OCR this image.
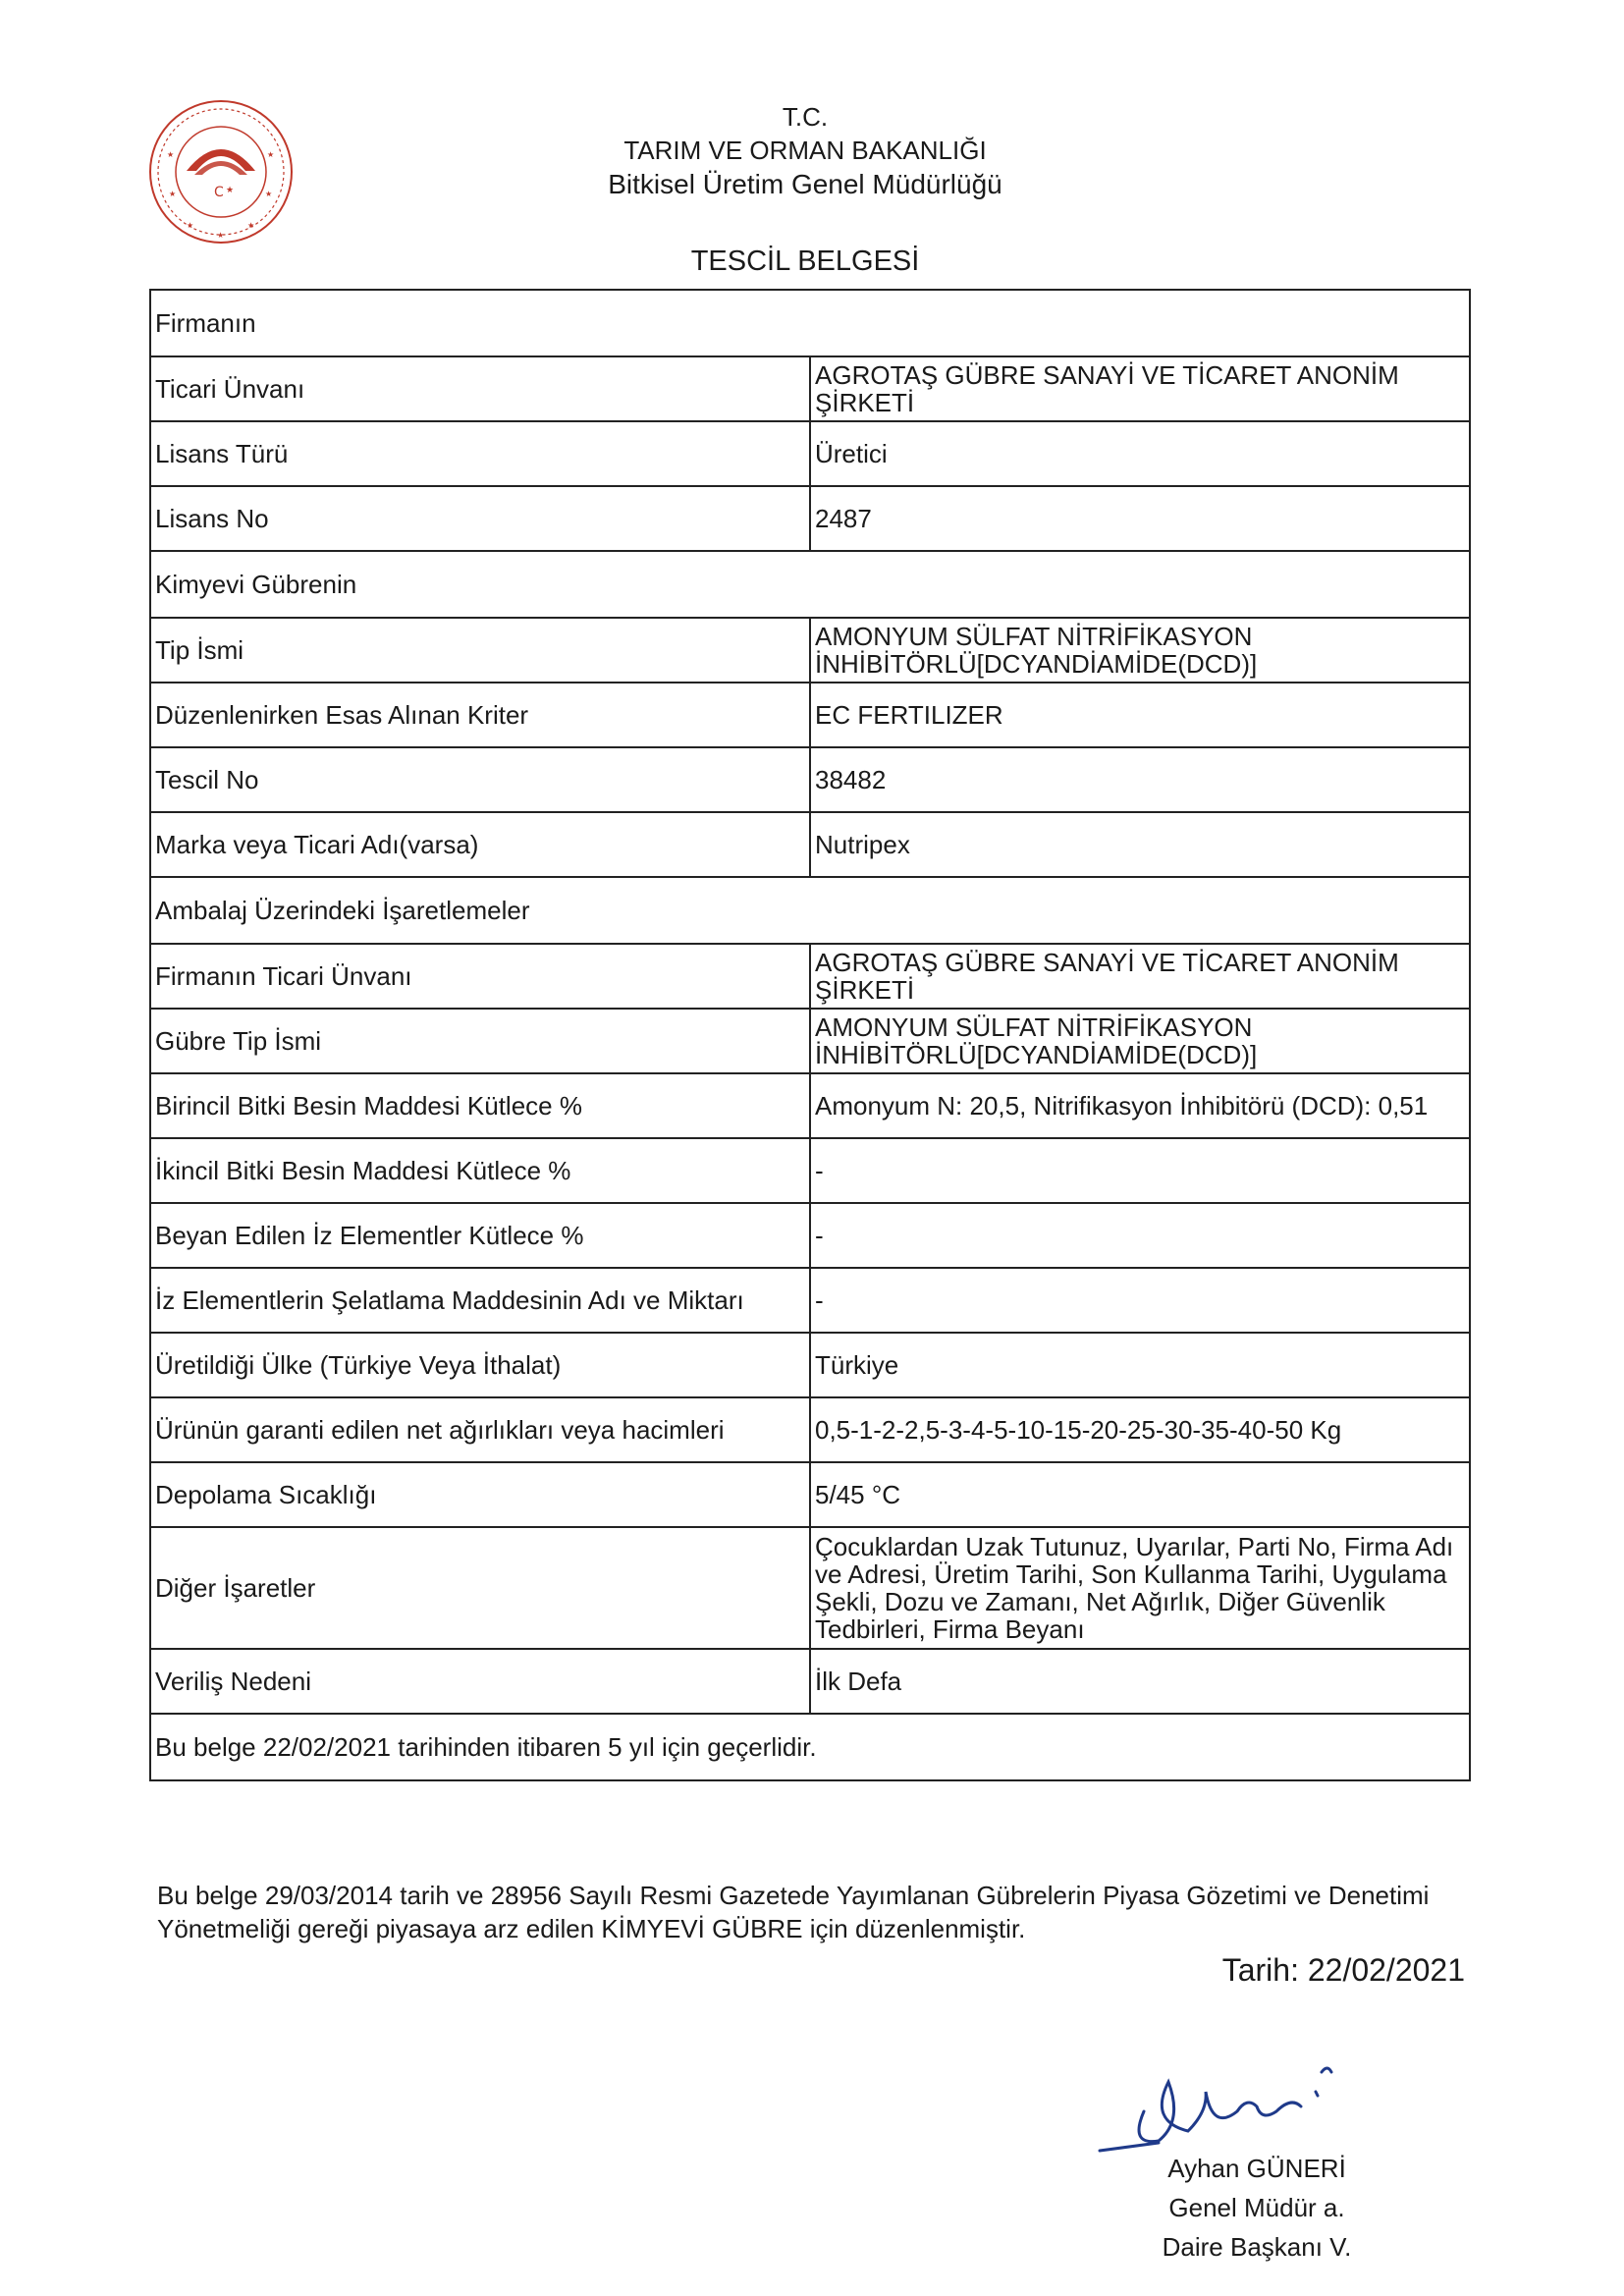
C ★
★	★
★	★
★	★
★
T.C.
TARIM VE ORMAN BAKANLIĞI
Bitkisel Üretim Genel Müdürlüğü
TESCİL BELGESİ
Firmanın	
Ticari Ünvanı	AGROTAŞ GÜBRE SANAYİ VE TİCARET ANONİM ŞİRKETİ
Lisans Türü	Üretici
Lisans No	2487
Kimyevi Gübrenin	
Tip İsmi	AMONYUM SÜLFAT NİTRİFİKASYON İNHİBİTÖRLÜ[DCYANDİAMİDE(DCD)]
Düzenlenirken Esas Alınan Kriter	EC FERTILIZER
Tescil No	38482
Marka veya Ticari Adı(varsa)	Nutripex
Ambalaj Üzerindeki İşaretlemeler	
Firmanın Ticari Ünvanı	AGROTAŞ GÜBRE SANAYİ VE TİCARET ANONİM ŞİRKETİ
Gübre Tip İsmi	AMONYUM SÜLFAT NİTRİFİKASYON İNHİBİTÖRLÜ[DCYANDİAMİDE(DCD)]
Birincil Bitki Besin Maddesi Kütlece %	Amonyum N: 20,5, Nitrifikasyon İnhibitörü (DCD): 0,51
İkincil Bitki Besin Maddesi Kütlece %	-
Beyan Edilen İz Elementler Kütlece %	-
İz Elementlerin Şelatlama Maddesinin Adı ve Miktarı	-
Üretildiği Ülke (Türkiye Veya İthalat)	Türkiye
Ürünün garanti edilen net ağırlıkları veya hacimleri	0,5-1-2-2,5-3-4-5-10-15-20-25-30-35-40-50 Kg
Depolama Sıcaklığı	5/45 °C
Diğer İşaretler	Çocuklardan Uzak Tutunuz, Uyarılar, Parti No, Firma Adı ve Adresi, Üretim Tarihi, Son Kullanma Tarihi, Uygulama Şekli, Dozu ve Zamanı, Net Ağırlık, Diğer Güvenlik Tedbirleri, Firma Beyanı
Veriliş Nedeni	İlk Defa
Bu belge 22/02/2021 tarihinden itibaren 5 yıl için geçerlidir.	
Bu belge 29/03/2014 tarih ve 28956 Sayılı Resmi Gazetede Yayımlanan Gübrelerin Piyasa Gözetimi ve Denetimi Yönetmeliği gereği piyasaya arz edilen KİMYEVİ GÜBRE için düzenlenmiştir.
Tarih: 22/02/2021
Ayhan GÜNERİ
Genel Müdür a.
Daire Başkanı V.
